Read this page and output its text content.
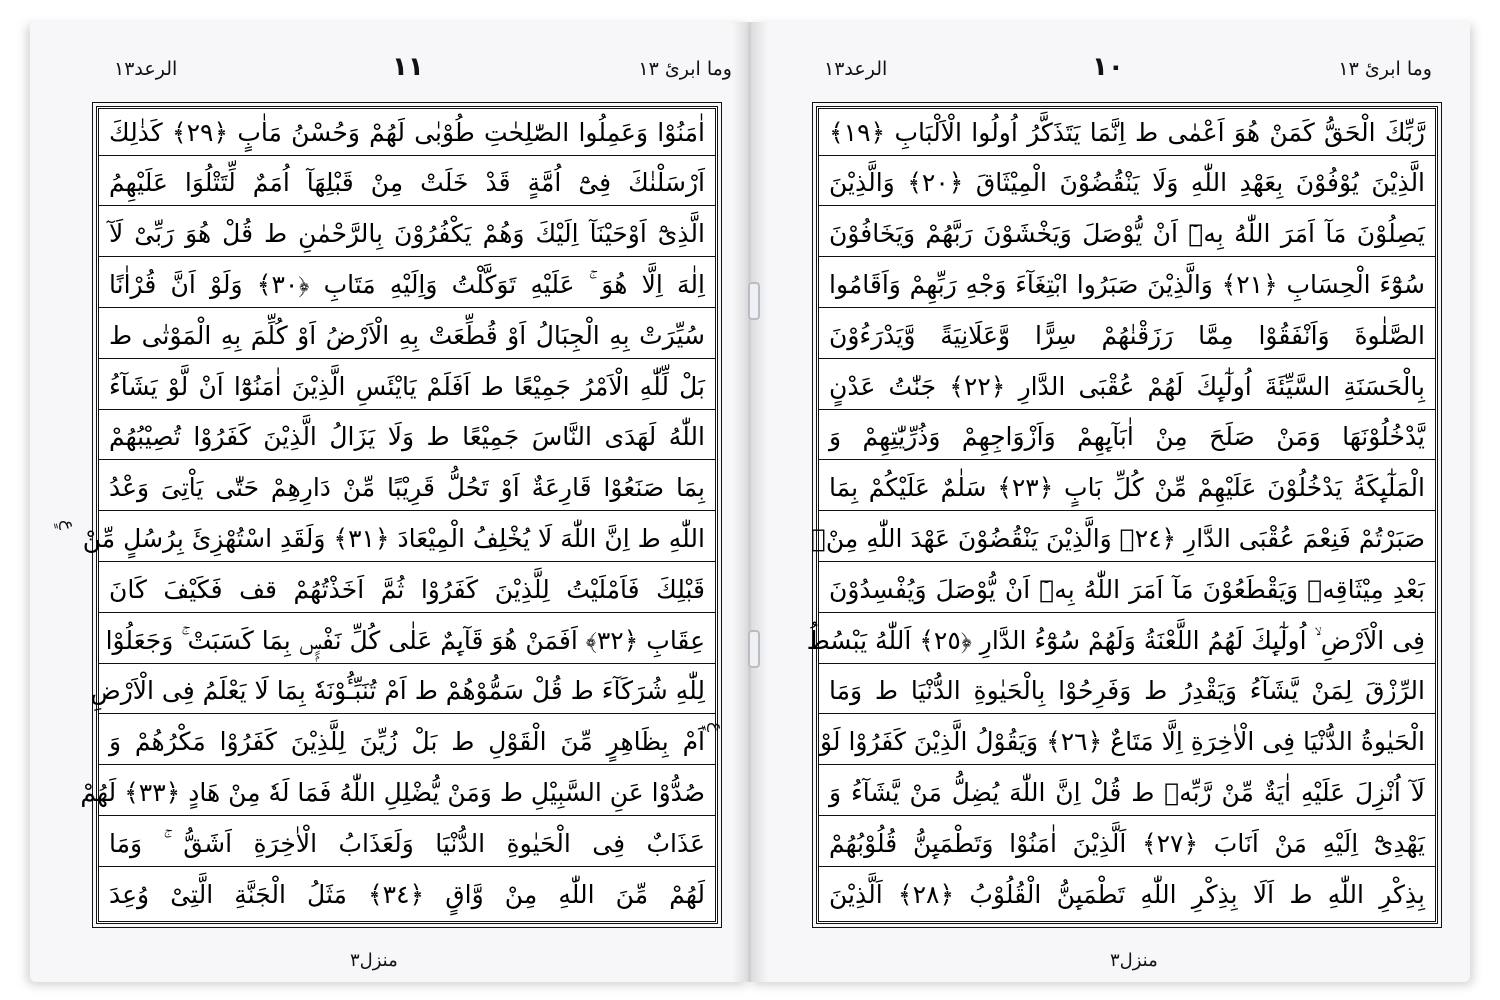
الرعد١٣	١١	وما ابرئ ١٣
اٰمَنُوْا وَعَمِلُوا الصّٰلِحٰتِ طُوْبٰی لَهُمْ وَحُسْنُ مَاٰبٍ ﴿٢٩﴾ كَذٰلِكَ
اَرْسَلْنٰكَ فِیْٓ اُمَّةٍ قَدْ خَلَتْ مِنْ قَبْلِهَآ اُمَمٌ لِّتَتْلُوَا عَلَیْهِمُ
الَّذِیْٓ اَوْحَیْنَآ اِلَیْكَ وَهُمْ یَكْفُرُوْنَ بِالرَّحْمٰنِ ط قُلْ هُوَ رَبِّیْ لَآ
اِلٰهَ اِلَّا هُوَ ۚ عَلَیْهِ تَوَكَّلْتُ وَاِلَیْهِ مَتَابِ ﴿٣٠﴾ وَلَوْ اَنَّ قُرْاٰنًا
سُیِّرَتْ بِهِ الْجِبَالُ اَوْ قُطِّعَتْ بِهِ الْاَرْضُ اَوْ كُلِّمَ بِهِ الْمَوْتٰی ط
بَلْ لِّلّٰهِ الْاَمْرُ جَمِیْعًا ط اَفَلَمْ یَایْئَسِ الَّذِیْنَ اٰمَنُوْٓا اَنْ لَّوْ یَشَآءُ
اللّٰهُ لَهَدَی النَّاسَ جَمِیْعًا ط وَلَا یَزَالُ الَّذِیْنَ كَفَرُوْا تُصِیْبُهُمْ
بِمَا صَنَعُوْا قَارِعَةٌ اَوْ تَحُلُّ قَرِیْبًا مِّنْ دَارِهِمْ حَتّٰی یَاْتِیَ وَعْدُ
اللّٰهِ ط اِنَّ اللّٰهَ لَا یُخْلِفُ الْمِیْعَادَ ﴿٣١﴾ وَلَقَدِ اسْتُهْزِئَ بِرُسُلٍ مِّنْ
قَبْلِكَ فَاَمْلَیْتُ لِلَّذِیْنَ كَفَرُوْا ثُمَّ اَخَذْتُهُمْ قف فَكَیْفَ كَانَ
عِقَابِ ﴿٣٢﴾ اَفَمَنْ هُوَ قَآىِٕمٌ عَلٰی كُلِّ نَفْسٍۭ بِمَا كَسَبَتْ ۚ وَجَعَلُوْا
لِلّٰهِ شُرَكَآءَ ط قُلْ سَمُّوْهُمْ ط اَمْ تُنَبِّـُٔوْنَهٗ بِمَا لَا یَعْلَمُ فِی الْاَرْضِ
اَمْ بِظَاهِرٍ مِّنَ الْقَوْلِ ط بَلْ زُیِّنَ لِلَّذِیْنَ كَفَرُوْا مَكْرُهُمْ وَ
صُدُّوْا عَنِ السَّبِیْلِ ط وَمَنْ یُّضْلِلِ اللّٰهُ فَمَا لَهٗ مِنْ هَادٍ ﴿٣٣﴾ لَهُمْ
عَذَابٌ فِی الْحَیٰوةِ الدُّنْیَا وَلَعَذَابُ الْاٰخِرَةِ اَشَقُّ ۚ وَمَا
لَهُمْ مِّنَ اللّٰهِ مِنْ وَّاقٍ ﴿٣٤﴾ مَثَلُ الْجَنَّةِ الَّتِیْ وُعِدَ
عٍ
منزل۳
الرعد١٣	١٠	وما ابرئ ١٣
رَّبِّكَ الْحَقُّ كَمَنْ هُوَ اَعْمٰی ط اِنَّمَا یَتَذَكَّرُ اُولُوا الْاَلْبَابِ ﴿١٩﴾
الَّذِیْنَ یُوْفُوْنَ بِعَهْدِ اللّٰهِ وَلَا یَنْقُضُوْنَ الْمِیْثَاقَ ﴿٢٠﴾ وَالَّذِیْنَ
یَصِلُوْنَ مَآ اَمَرَ اللّٰهُ بِهٖٓ اَنْ یُّوْصَلَ وَیَخْشَوْنَ رَبَّهُمْ وَیَخَافُوْنَ
سُوْٓءَ الْحِسَابِ ﴿٢١﴾ وَالَّذِیْنَ صَبَرُوا ابْتِغَآءَ وَجْهِ رَبِّهِمْ وَاَقَامُوا
الصَّلٰوةَ وَاَنْفَقُوْا مِمَّا رَزَقْنٰهُمْ سِرًّا وَّعَلَانِیَةً وَّیَدْرَءُوْنَ
بِالْحَسَنَةِ السَّیِّئَةَ اُولٰٓىِٕكَ لَهُمْ عُقْبَی الدَّارِ ﴿٢٢﴾ جَنّٰتُ عَدْنٍ
یَّدْخُلُوْنَهَا وَمَنْ صَلَحَ مِنْ اٰبَآىِٕهِمْ وَاَزْوَاجِهِمْ وَذُرِّیّٰتِهِمْ وَ
الْمَلٰٓىِٕكَةُ یَدْخُلُوْنَ عَلَیْهِمْ مِّنْ كُلِّ بَابٍ ﴿٢٣﴾ سَلٰمٌ عَلَیْكُمْ بِمَا
صَبَرْتُمْ فَنِعْمَ عُقْبَی الدَّارِ ﴿٢٤﴾ وَالَّذِیْنَ یَنْقُضُوْنَ عَهْدَ اللّٰهِ مِنْۢ
بَعْدِ مِیْثَاقِهٖ وَیَقْطَعُوْنَ مَآ اَمَرَ اللّٰهُ بِهٖٓ اَنْ یُّوْصَلَ وَیُفْسِدُوْنَ
فِی الْاَرْضِ ۙ اُولٰٓىِٕكَ لَهُمُ اللَّعْنَةُ وَلَهُمْ سُوْٓءُ الدَّارِ ﴿٢٥﴾ اَللّٰهُ یَبْسُطُ
الرِّزْقَ لِمَنْ یَّشَآءُ وَیَقْدِرُ ط وَفَرِحُوْا بِالْحَیٰوةِ الدُّنْیَا ط وَمَا
الْحَیٰوةُ الدُّنْیَا فِی الْاٰخِرَةِ اِلَّا مَتَاعٌ ﴿٢٦﴾ وَیَقُوْلُ الَّذِیْنَ كَفَرُوْا لَوْ
لَآ اُنْزِلَ عَلَیْهِ اٰیَةٌ مِّنْ رَّبِّهٖ ط قُلْ اِنَّ اللّٰهَ یُضِلُّ مَنْ یَّشَآءُ وَ
یَهْدِیْٓ اِلَیْهِ مَنْ اَنَابَ ﴿٢٧﴾ اَلَّذِیْنَ اٰمَنُوْا وَتَطْمَىِٕنُّ قُلُوْبُهُمْ
بِذِكْرِ اللّٰهِ ط اَلَا بِذِكْرِ اللّٰهِ تَطْمَىِٕنُّ الْقُلُوْبُ ﴿٢٨﴾ اَلَّذِیْنَ
عٍ
منزل۳
